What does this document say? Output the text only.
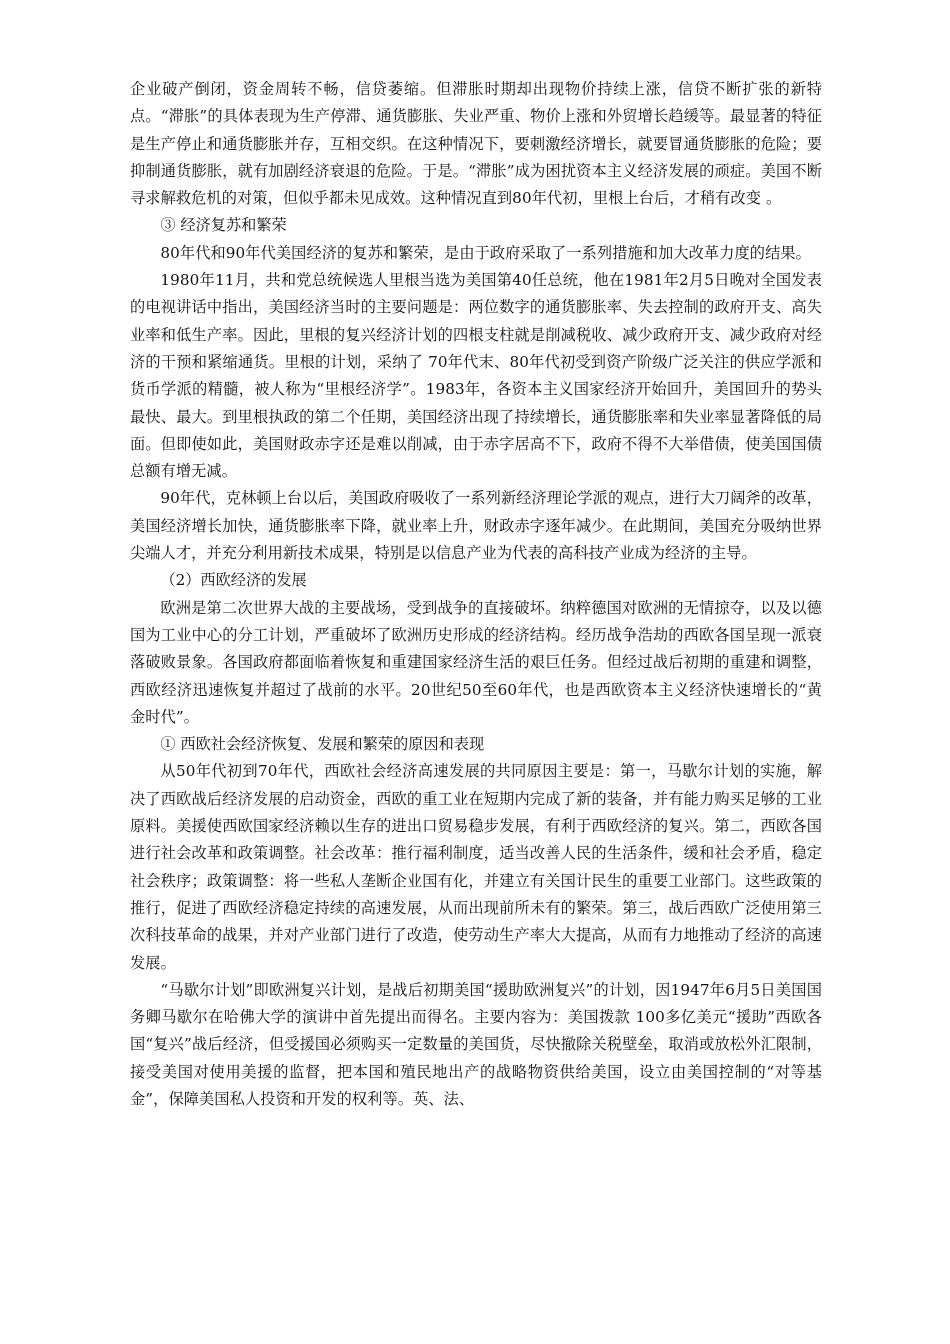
企业破产倒闭，资金周转不畅，信贷萎缩。但滞胀时期却出现物价持续上涨，信贷不断扩张的新特点。“滞胀”的具体表现为生产停滞、通货膨胀、失业严重、物价上涨和外贸增长趋缓等。最显著的特征是生产停止和通货膨胀并存，互相交织。在这种情况下，要刺激经济增长，就要冒通货膨胀的危险；要抑制通货膨胀，就有加剧经济衰退的危险。于是。“滞胀”成为困扰资本主义经济发展的顽症。美国不断寻求解救危机的对策，但似乎都未见成效。这种情况直到80年代初，里根上台后，才稍有改变 。

③ 经济复苏和繁荣

80年代和90年代美国经济的复苏和繁荣，是由于政府采取了一系列措施和加大改革力度的结果。

1980年11月，共和党总统候选人里根当选为美国第40任总统，他在1981年2月5日晚对全国发表的电视讲话中指出，美国经济当时的主要问题是：两位数字的通货膨胀率、失去控制的政府开支、高失业率和低生产率。因此，里根的复兴经济计划的四根支柱就是削减税收、减少政府开支、减少政府对经济的干预和紧缩通货。里根的计划，采纳了 70年代末、80年代初受到资产阶级广泛关注的供应学派和货币学派的精髓，被人称为“里根经济学”。1983年，各资本主义国家经济开始回升，美国回升的势头最快、最大。到里根执政的第二个任期，美国经济出现了持续增长，通货膨胀率和失业率显著降低的局面。但即使如此，美国财政赤字还是难以削减，由于赤字居高不下，政府不得不大举借债，使美国国债总额有增无减。

90年代，克林顿上台以后，美国政府吸收了一系列新经济理论学派的观点，进行大刀阔斧的改革，美国经济增长加快，通货膨胀率下降，就业率上升，财政赤字逐年减少。在此期间，美国充分吸纳世界尖端人才，并充分利用新技术成果，特别是以信息产业为代表的高科技产业成为经济的主导。

（2）西欧经济的发展

欧洲是第二次世界大战的主要战场，受到战争的直接破坏。纳粹德国对欧洲的无情掠夺，以及以德国为工业中心的分工计划，严重破坏了欧洲历史形成的经济结构。经历战争浩劫的西欧各国呈现一派衰落破败景象。各国政府都面临着恢复和重建国家经济生活的艰巨任务。但经过战后初期的重建和调整，西欧经济迅速恢复并超过了战前的水平。20世纪50至60年代，也是西欧资本主义经济快速增长的“黄金时代”。

① 西欧社会经济恢复、发展和繁荣的原因和表现

从50年代初到70年代，西欧社会经济高速发展的共同原因主要是：第一，马歇尔计划的实施，解决了西欧战后经济发展的启动资金，西欧的重工业在短期内完成了新的装备，并有能力购买足够的工业原料。美援使西欧国家经济赖以生存的进出口贸易稳步发展，有利于西欧经济的复兴。第二，西欧各国进行社会改革和政策调整。社会改革：推行福利制度，适当改善人民的生活条件，缓和社会矛盾，稳定社会秩序；政策调整：将一些私人垄断企业国有化，并建立有关国计民生的重要工业部门。这些政策的推行，促进了西欧经济稳定持续的高速发展，从而出现前所未有的繁荣。第三，战后西欧广泛使用第三次科技革命的战果，并对产业部门进行了改造，使劳动生产率大大提高，从而有力地推动了经济的高速发展。

“马歇尔计划”即欧洲复兴计划，是战后初期美国“援助欧洲复兴”的计划，因1947年6月5日美国国务卿马歇尔在哈佛大学的演讲中首先提出而得名。主要内容为：美国拨款 100多亿美元“援助”西欧各国“复兴”战后经济，但受援国必须购买一定数量的美国货，尽快撤除关税壁垒，取消或放松外汇限制，接受美国对使用美援的监督，把本国和殖民地出产的战略物资供给美国，设立由美国控制的“对等基金”，保障美国私人投资和开发的权利等。英、法、
